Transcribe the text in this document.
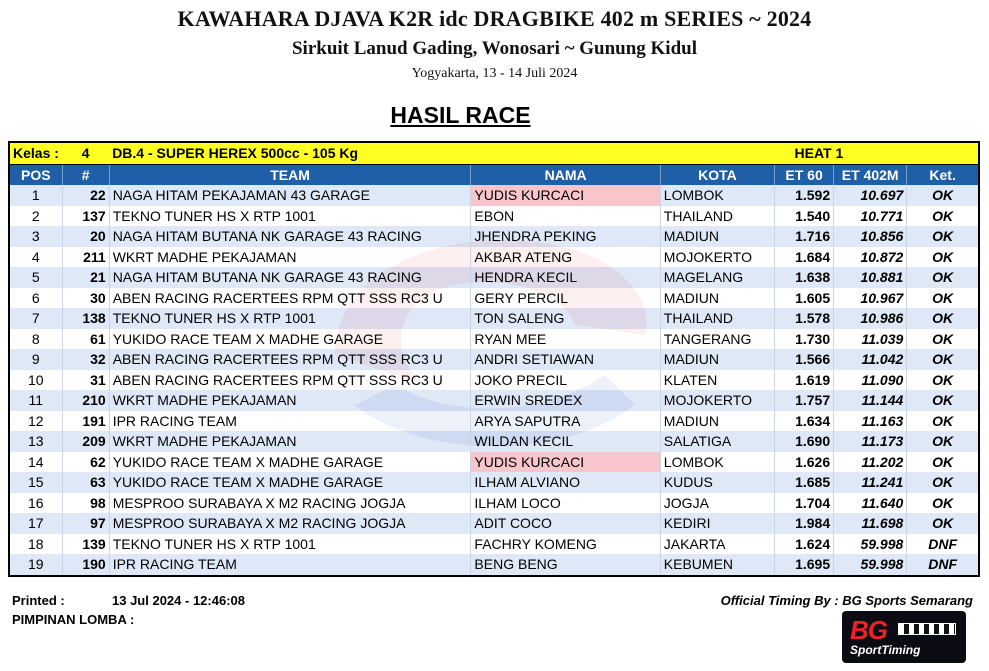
KAWAHARA DJAVA K2R idc DRAGBIKE 402 m SERIES ~ 2024
Sirkuit Lanud Gading, Wonosari ~ Gunung Kidul
Yogyakarta, 13 - 14 Juli 2024
HASIL RACE
Kelas :	4	DB.4 - SUPER HEREX 500cc - 105 Kg			HEAT 1		
POS	#	TEAM	NAMA	KOTA	ET 60	ET 402M	Ket.
1	22	NAGA HITAM PEKAJAMAN 43 GARAGE	YUDIS KURCACI	LOMBOK	1.592	10.697	OK
2	137	TEKNO TUNER HS X RTP 1001	EBON	THAILAND	1.540	10.771	OK
3	20	NAGA HITAM BUTANA NK GARAGE 43 RACING	JHENDRA PEKING	MADIUN	1.716	10.856	OK
4	211	WKRT MADHE PEKAJAMAN	AKBAR ATENG	MOJOKERTO	1.684	10.872	OK
5	21	NAGA HITAM BUTANA NK GARAGE 43 RACING	HENDRA KECIL	MAGELANG	1.638	10.881	OK
6	30	ABEN RACING RACERTEES RPM QTT SSS RC3 U	GERY PERCIL	MADIUN	1.605	10.967	OK
7	138	TEKNO TUNER HS X RTP 1001	TON SALENG	THAILAND	1.578	10.986	OK
8	61	YUKIDO RACE TEAM X MADHE GARAGE	RYAN MEE	TANGERANG	1.730	11.039	OK
9	32	ABEN RACING RACERTEES RPM QTT SSS RC3 U	ANDRI SETIAWAN	MADIUN	1.566	11.042	OK
10	31	ABEN RACING RACERTEES RPM QTT SSS RC3 U	JOKO PRECIL	KLATEN	1.619	11.090	OK
11	210	WKRT MADHE PEKAJAMAN	ERWIN SREDEX	MOJOKERTO	1.757	11.144	OK
12	191	IPR RACING TEAM	ARYA SAPUTRA	MADIUN	1.634	11.163	OK
13	209	WKRT MADHE PEKAJAMAN	WILDAN KECIL	SALATIGA	1.690	11.173	OK
14	62	YUKIDO RACE TEAM X MADHE GARAGE	YUDIS KURCACI	LOMBOK	1.626	11.202	OK
15	63	YUKIDO RACE TEAM X MADHE GARAGE	ILHAM ALVIANO	KUDUS	1.685	11.241	OK
16	98	MESPROO SURABAYA X M2 RACING JOGJA	ILHAM LOCO	JOGJA	1.704	11.640	OK
17	97	MESPROO SURABAYA X M2 RACING JOGJA	ADIT COCO	KEDIRI	1.984	11.698	OK
18	139	TEKNO TUNER HS X RTP 1001	FACHRY KOMENG	JAKARTA	1.624	59.998	DNF
19	190	IPR RACING TEAM	BENG BENG	KEBUMEN	1.695	59.998	DNF
Printed :	13 Jul 2024 - 12:46:08	Official Timing By : BG Sports Semarang
PIMPINAN LOMBA :	BG
SportTiming
